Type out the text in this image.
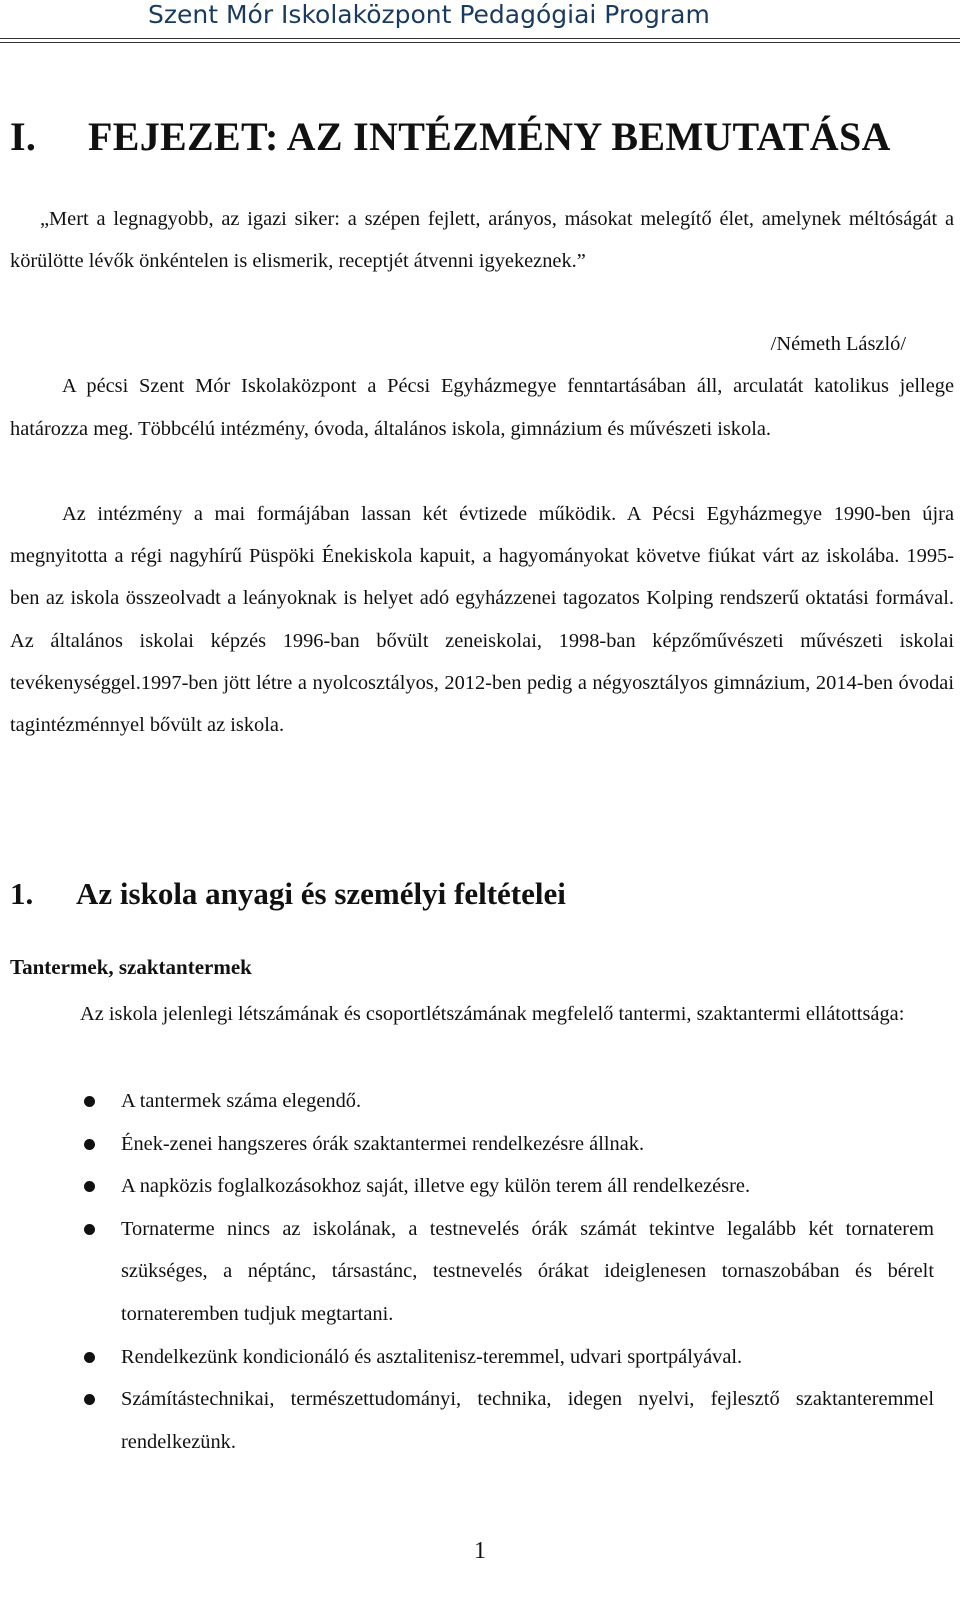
Szent Mór Iskolaközpont Pedagógiai Program
I. FEJEZET: AZ INTÉZMÉNY BEMUTATÁSA

„Mert a legnagyobb, az igazi siker: a szépen fejlett, arányos, másokat melegítő élet, amelynek méltóságát a körülötte lévők önkéntelen is elismerik, receptjét átvenni igyekeznek.”

/Németh László/

A pécsi Szent Mór Iskolaközpont a Pécsi Egyházmegye fenntartásában áll, arculatát katolikus jellege határozza meg. Többcélú intézmény, óvoda, általános iskola, gimnázium és művészeti iskola.

Az intézmény a mai formájában lassan két évtizede működik. A Pécsi Egyházmegye 1990-ben újra megnyitotta a régi nagyhírű Püspöki Énekiskola kapuit, a hagyományokat követve fiúkat várt az iskolába. 1995-ben az iskola összeolvadt a leányoknak is helyet adó egyházzenei tagozatos Kolping rendszerű oktatási formával. Az általános iskolai képzés 1996-ban bővült zeneiskolai, 1998-ban képzőművészeti művészeti iskolai tevékenységgel.1997-ben jött létre a nyolcosztályos, 2012-ben pedig a négyosztályos gimnázium, 2014-ben óvodai tagintézménnyel bővült az iskola.

1. Az iskola anyagi és személyi feltételei
Tantermek, szaktantermek

Az iskola jelenlegi létszámának és csoportlétszámának megfelelő tantermi, szaktantermi ellátottsága:

A tantermek száma elegendő.
Ének-zenei hangszeres órák szaktantermei rendelkezésre állnak.
A napközis foglalkozásokhoz saját, illetve egy külön terem áll rendelkezésre.
Tornaterme nincs az iskolának, a testnevelés órák számát tekintve legalább két tornaterem szükséges, a néptánc, társastánc, testnevelés órákat ideiglenesen tornaszobában és bérelt tornateremben tudjuk megtartani.
Rendelkezünk kondicionáló és asztalitenisz-teremmel, udvari sportpályával.
Számítástechnikai, természettudományi, technika, idegen nyelvi, fejlesztő szaktanteremmel rendelkezünk.
1
